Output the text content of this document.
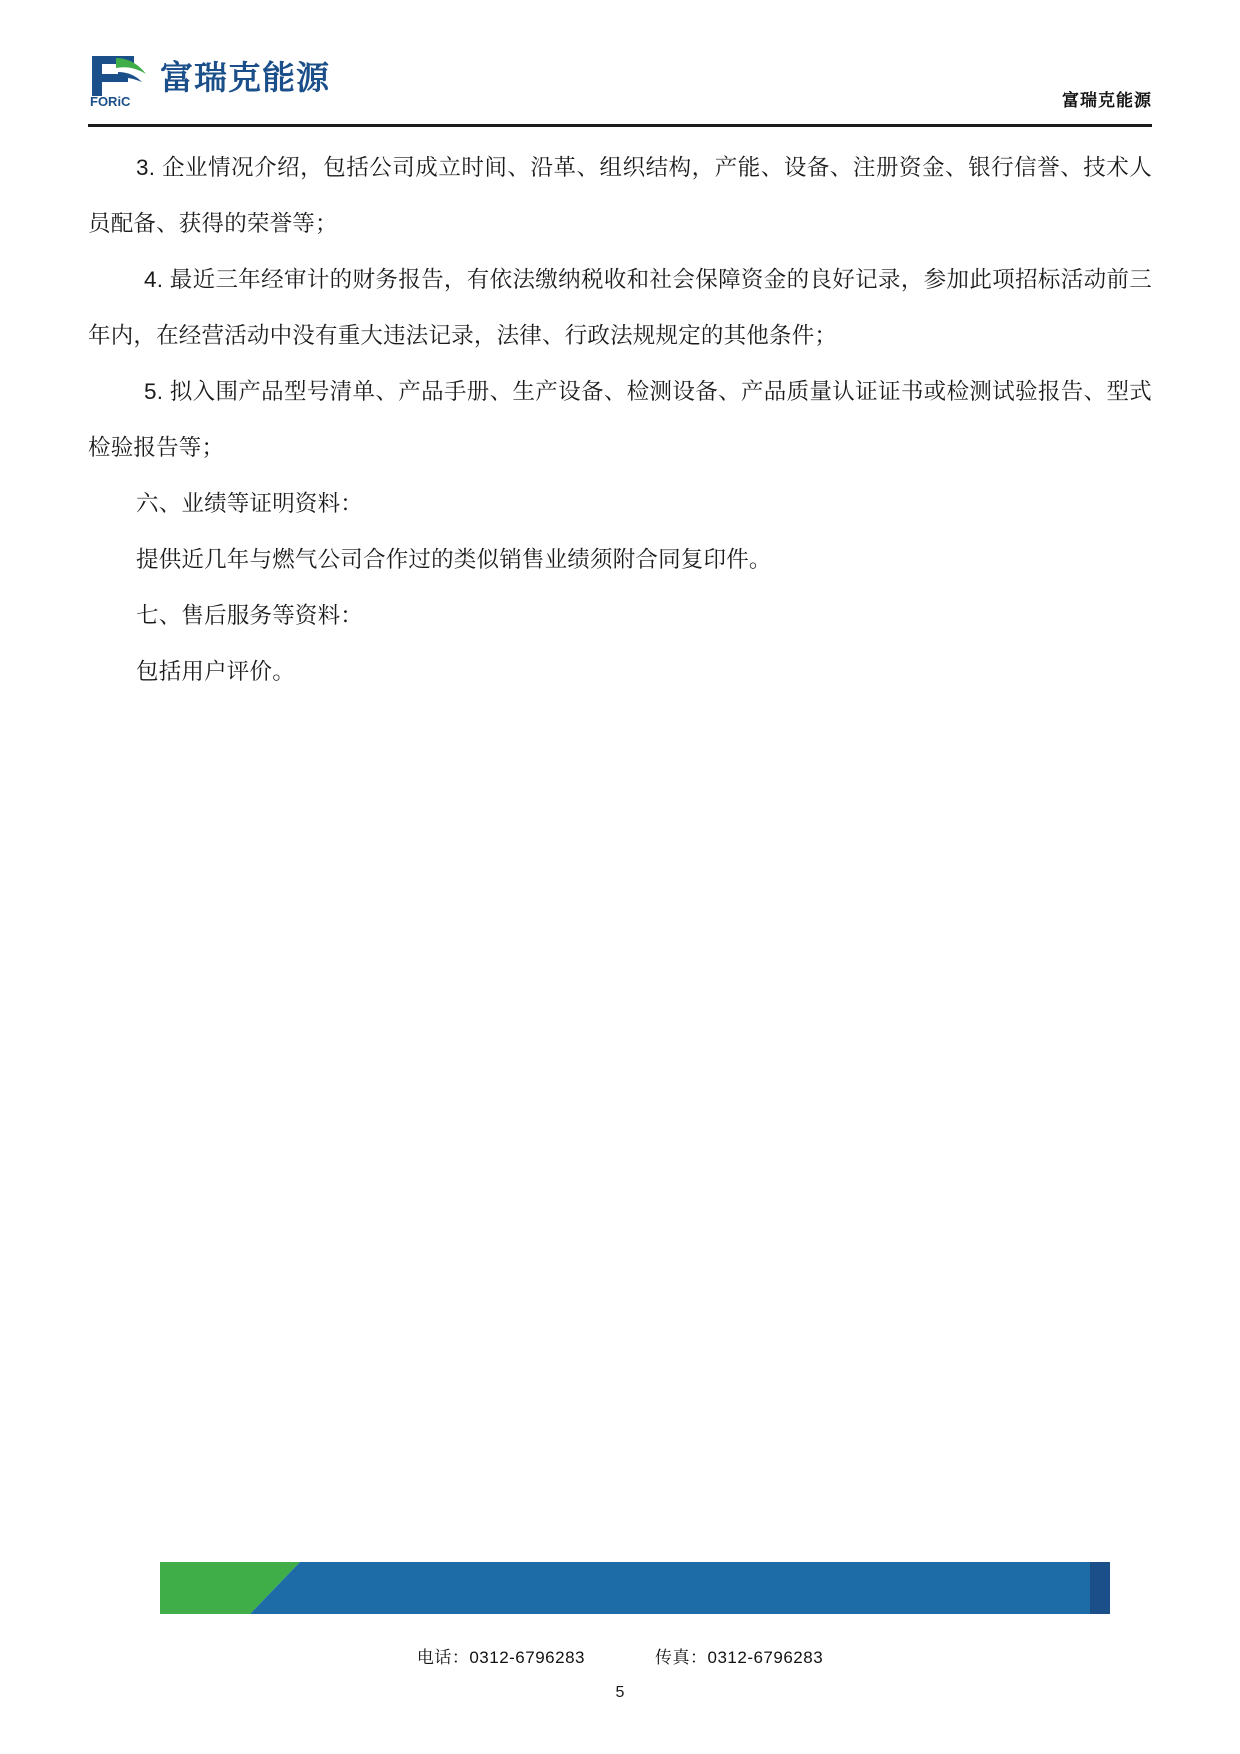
FORiC
富瑞克能源
富瑞克能源

3. 企业情况介绍，包括公司成立时间、沿革、组织结构，产能、设备、注册资金、银行信誉、技术人员配备、获得的荣誉等；

4. 最近三年经审计的财务报告，有依法缴纳税收和社会保障资金的良好记录，参加此项招标活动前三年内，在经营活动中没有重大违法记录，法律、行政法规规定的其他条件；

5. 拟入围产品型号清单、产品手册、生产设备、检测设备、产品质量认证证书或检测试验报告、型式检验报告等；

六、业绩等证明资料：

提供近几年与燃气公司合作过的类似销售业绩须附合同复印件。

七、售后服务等资料：

包括用户评价。

电话：0312-6796283	传真：0312-6796283
5
